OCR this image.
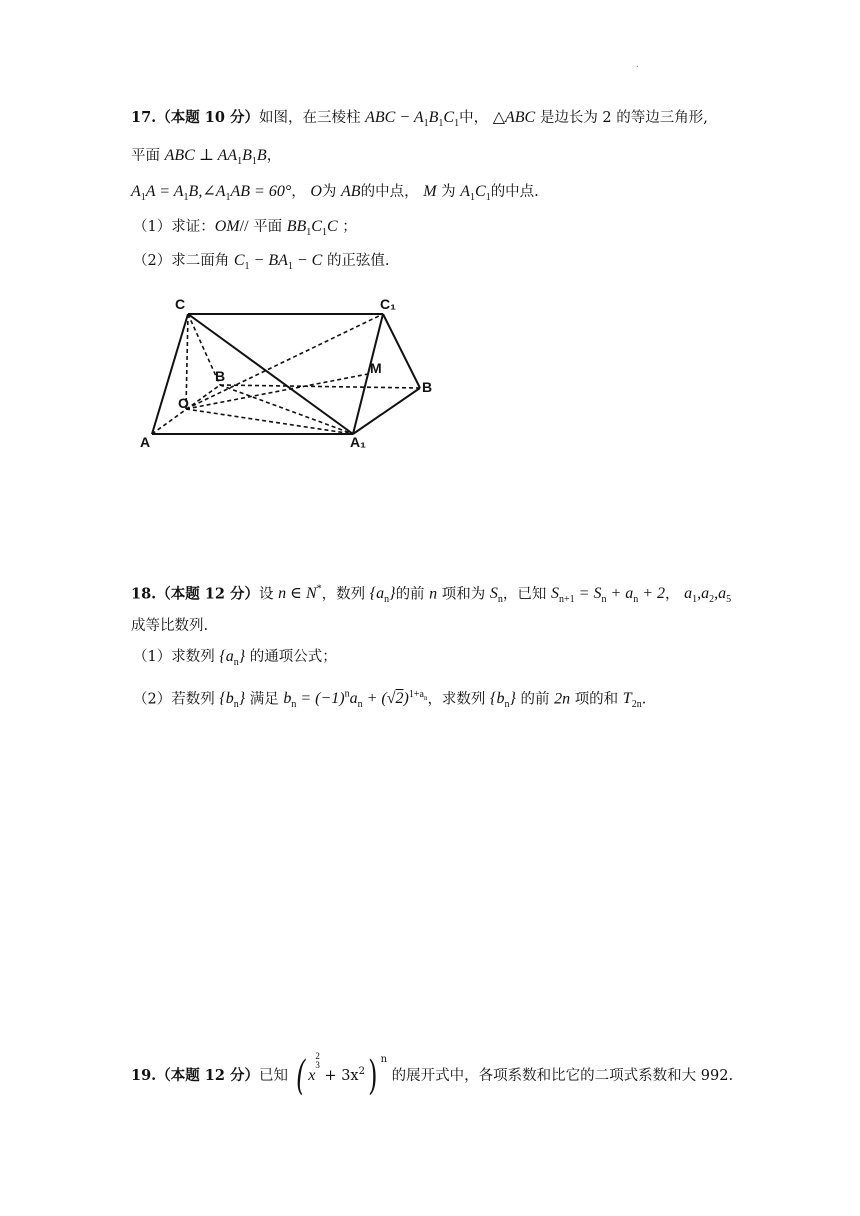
.
17.（本题 10 分）如图，在三棱柱 ABC − $A_1B_1C_1$中， △ABC 是边长为 2 的等边三角形,
平面 ABC ⊥ $AA_1B_1B$，
$A_1A$ = $A_1B,\angle A_1AB = 60^\circ$， O为 AB的中点， M 为 $A_1C_1$的中点.
（1）求证：OM// 平面 $BB_1C_1C$ ；
（2）求二面角 $C_1 - BA_1 - C$ 的正弦值.
C	C₁
B	M
B
O
A	A₁
18.（本题 12 分）设 n ∈ N*，数列 $\{a_n\}$的前 n 项和为 $S_n$，已知 $S_{n+1} = S_n + a_n + 2$， $a_1,a_2,a_5$
成等比数列.
（1）求数列 $\{a_n\}$ 的通项公式；
（2）若数列 $\{b_n\}$ 满足 $b_n = (-1)^na_n + (√2)^{1+a_n}$，求数列 $\{b_n\}$ 的前 2n 项的和 $T_{2n}$.
19.（本题 12 分）已知 ( $x^{2 3} + 3x^2$) $^n$ 的展开式中，各项系数和比它的二项式系数和大 992.
